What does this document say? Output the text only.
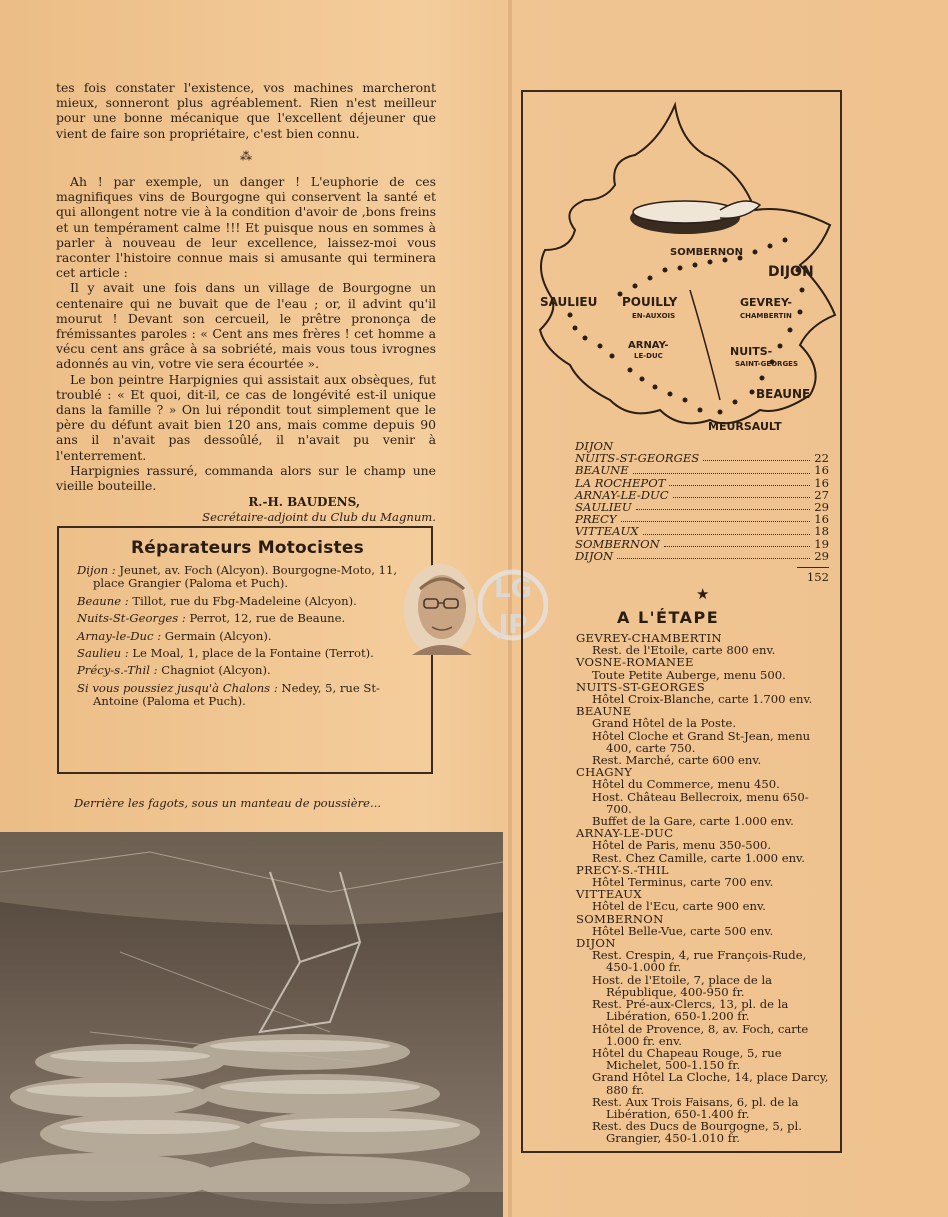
tes fois constater l'existence, vos machines marcheront mieux, sonneront plus agréablement. Rien n'est meilleur pour une bonne mécanique que l'excellent déjeuner que vient de faire son propriétaire, c'est bien connu.

⁂

Ah ! par exemple, un danger ! L'euphorie de ces magnifiques vins de Bourgogne qui conservent la santé et qui allongent notre vie à la condition d'avoir de ,bons freins et un tempérament calme !!! Et puisque nous en sommes à parler à nouveau de leur excellence, laissez-moi vous raconter l'histoire connue mais si amusante qui terminera cet article :

Il y avait une fois dans un village de Bourgogne un centenaire qui ne buvait que de l'eau ; or, il advint qu'il mourut ! Devant son cercueil, le prêtre prononça de frémissantes paroles : « Cent ans mes frères ! cet homme a vécu cent ans grâce à sa sobriété, mais vous tous ivrognes adonnés au vin, votre vie sera écourtée ».

Le bon peintre Harpignies qui assistait aux obsèques, fut troublé : « Et quoi, dit-il, ce cas de longévité est-il unique dans la famille ? » On lui répondit tout simplement que le père du défunt avait bien 120 ans, mais comme depuis 90 ans il n'avait pas dessoûlé, il n'avait pu venir à l'enterrement.

Harpignies rassuré, commanda alors sur le champ une vieille bouteille.

R.-H. BAUDENS,
Secrétaire-adjoint du Club du Magnum.
Réparateurs Motocistes
Dijon : Jeunet, av. Foch (Alcyon). Bourgogne-Moto, 11, place Grangier (Paloma et Puch).
Beaune : Tillot, rue du Fbg-Madeleine (Alcyon).
Nuits-St-Georges : Perrot, 12, rue de Beaune.
Arnay-le-Duc : Germain (Alcyon).
Saulieu : Le Moal, 1, place de la Fontaine (Terrot).
Précy-s.-Thil : Chagniot (Alcyon).
Si vous poussiez jusqu'à Chalons : Nedey, 5, rue St-Antoine (Paloma et Puch).
LG
JP
Derrière les fagots, sous un manteau de poussière...
SOMBERNON
DIJON
SAULIEU POUILLY
EN-AUXOIS
GEVREY-
CHAMBERTIN
ARNAY-
LE-DUC	NUITS-
SAINT-GEORGES
BEAUNE
MEURSAULT
DIJON
NUITS-ST-GEORGES	22
BEAUNE	16
LA ROCHEPOT	16
ARNAY-LE-DUC	27
SAULIEU	29
PRECY	16
VITTEAUX	18
SOMBERNON	19
DIJON	29
152
★
A L'ÉTAPE
GEVREY-CHAMBERTIN
Rest. de l'Etoile, carte 800 env.
VOSNE-ROMANEE
Toute Petite Auberge, menu 500.
NUITS-ST-GEORGES
Hôtel Croix-Blanche, carte 1.700 env.
BEAUNE
Grand Hôtel de la Poste.
Hôtel Cloche et Grand St-Jean, menu 400, carte 750.
Rest. Marché, carte 600 env.
CHAGNY
Hôtel du Commerce, menu 450.
Host. Château Bellecroix, menu 650-700.
Buffet de la Gare, carte 1.000 env.
ARNAY-LE-DUC
Hôtel de Paris, menu 350-500.
Rest. Chez Camille, carte 1.000 env.
PRECY-S.-THIL
Hôtel Terminus, carte 700 env.
VITTEAUX
Hôtel de l'Ecu, carte 900 env.
SOMBERNON
Hôtel Belle-Vue, carte 500 env.
DIJON
Rest. Crespin, 4, rue François-Rude, 450-1.000 fr.
Host. de l'Etoile, 7, place de la République, 400-950 fr.
Rest. Pré-aux-Clercs, 13, pl. de la Libération, 650-1.200 fr.
Hôtel de Provence, 8, av. Foch, carte 1.000 fr. env.
Hôtel du Chapeau Rouge, 5, rue Michelet, 500-1.150 fr.
Grand Hôtel La Cloche, 14, place Darcy, 880 fr.
Rest. Aux Trois Faisans, 6, pl. de la Libération, 650-1.400 fr.
Rest. des Ducs de Bourgogne, 5, pl. Grangier, 450-1.010 fr.
